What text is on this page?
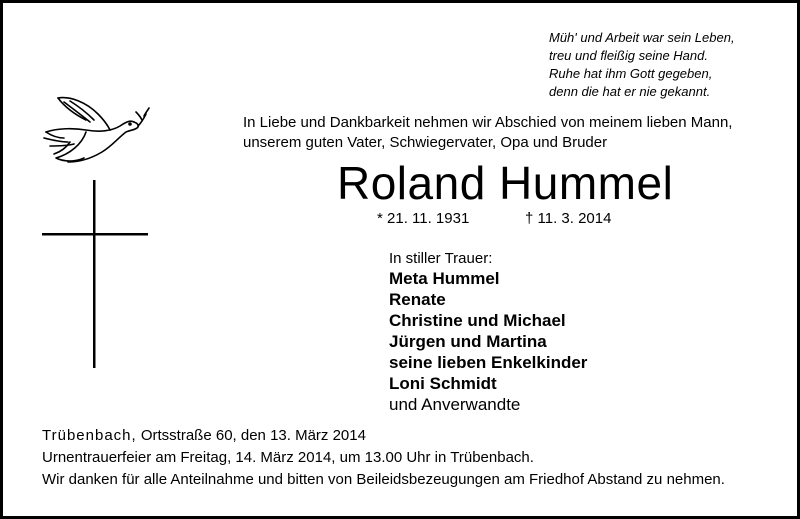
Müh' und Arbeit war sein Leben,
treu und fleißig seine Hand.
Ruhe hat ihm Gott gegeben,
denn die hat er nie gekannt.
In Liebe und Dankbarkeit nehmen wir Abschied von meinem lieben Mann,
unserem guten Vater, Schwiegervater, Opa und Bruder
Roland Hummel
* 21. 11. 1931	† 11. 3. 2014
In stiller Trauer:
Meta Hummel
Renate
Christine und Michael
Jürgen und Martina
seine lieben Enkelkinder
Loni Schmidt
und Anverwandte
Trübenbach, Ortsstraße 60, den 13. März 2014
Urnentrauerfeier am Freitag, 14. März 2014, um 13.00 Uhr in Trübenbach.
Wir danken für alle Anteilnahme und bitten von Beileidsbezeugungen am Friedhof Abstand zu nehmen.
